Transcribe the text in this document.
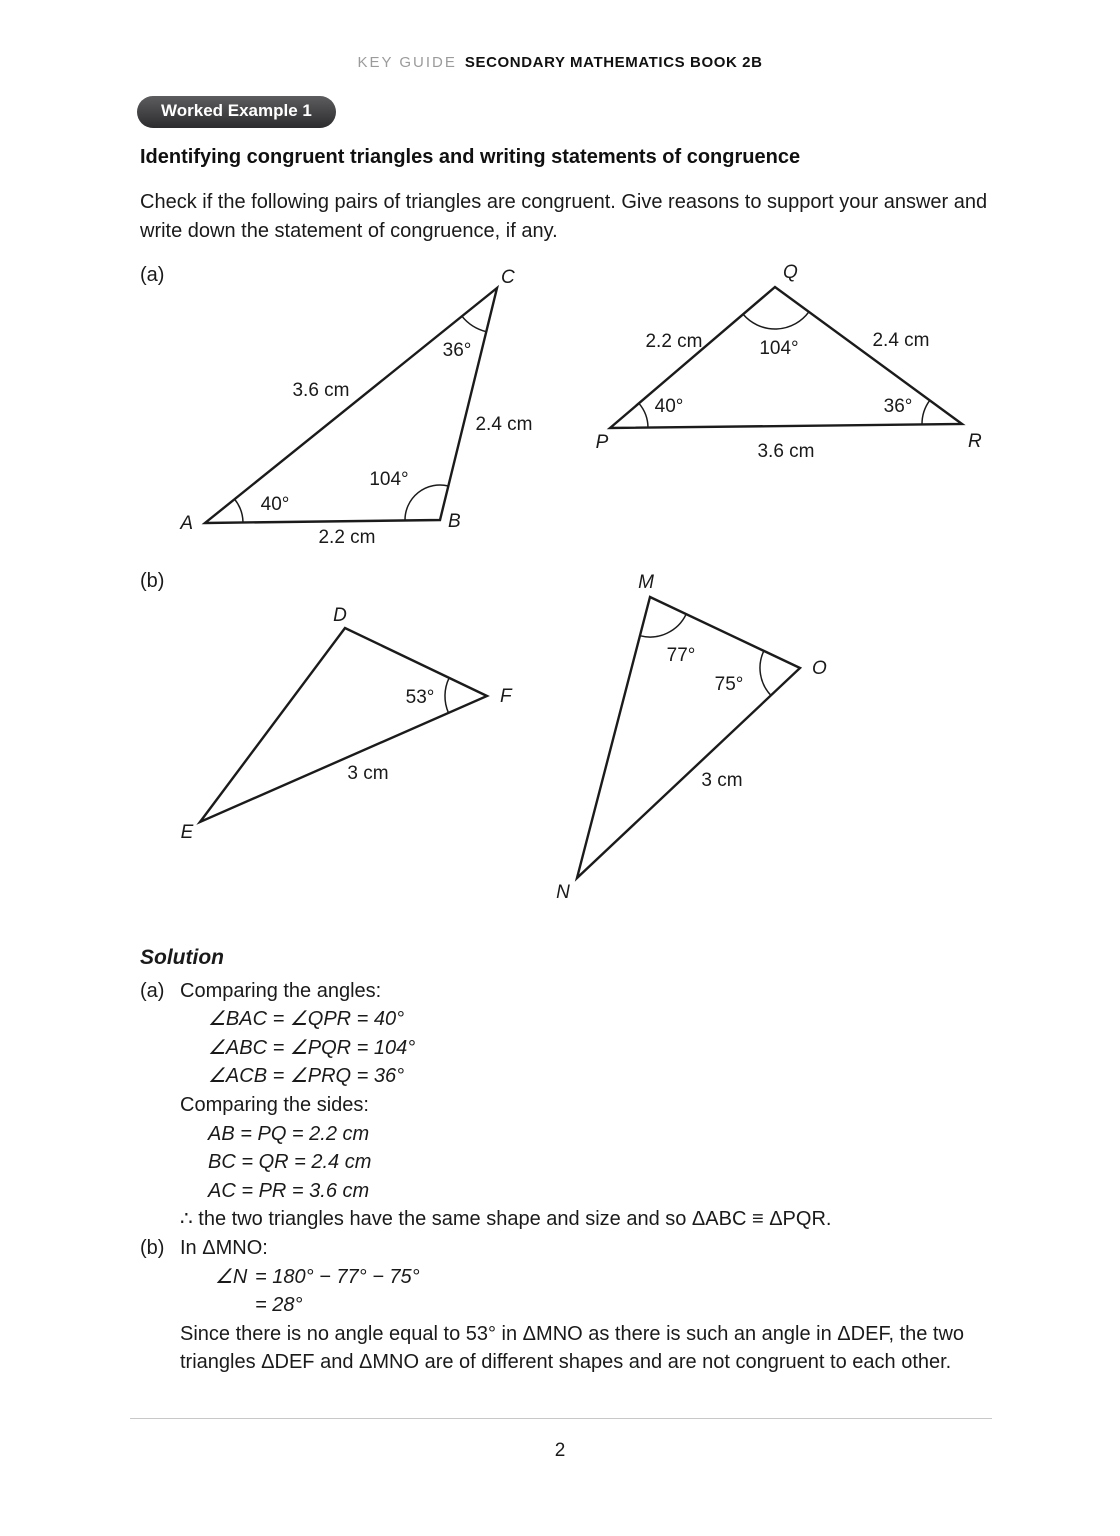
KEY GUIDE SECONDARY MATHEMATICS BOOK 2B
Worked Example 1
Identifying congruent triangles and writing statements of congruence

Check if the following pairs of triangles are congruent. Give reasons to support your answer and write down the statement of congruence, if any.

(a)
(b)
A	B
C
40°
104°
36°
2.2 cm
2.4 cm
3.6 cm
P
Q
R
40°
104°
36°
2.2 cm	2.4 cm
3.6 cm
D
E
F
53°
3 cm
M
N
O
77°
75°
3 cm
Solution
(a) Comparing the angles:
∠BAC = ∠QPR = 40°
∠ABC = ∠PQR = 104°
∠ACB = ∠PRQ = 36°
Comparing the sides:
AB = PQ = 2.2 cm
BC = QR = 2.4 cm
AC = PR = 3.6 cm
∴ the two triangles have the same shape and size and so ΔABC ≡ ΔPQR.
(b) In ΔMNO:
∠N = 180° − 77° − 75°
= 28°
Since there is no angle equal to 53° in ΔMNO as there is such an angle in ΔDEF, the two triangles ΔDEF and ΔMNO are of different shapes and are not congruent to each other.
2
